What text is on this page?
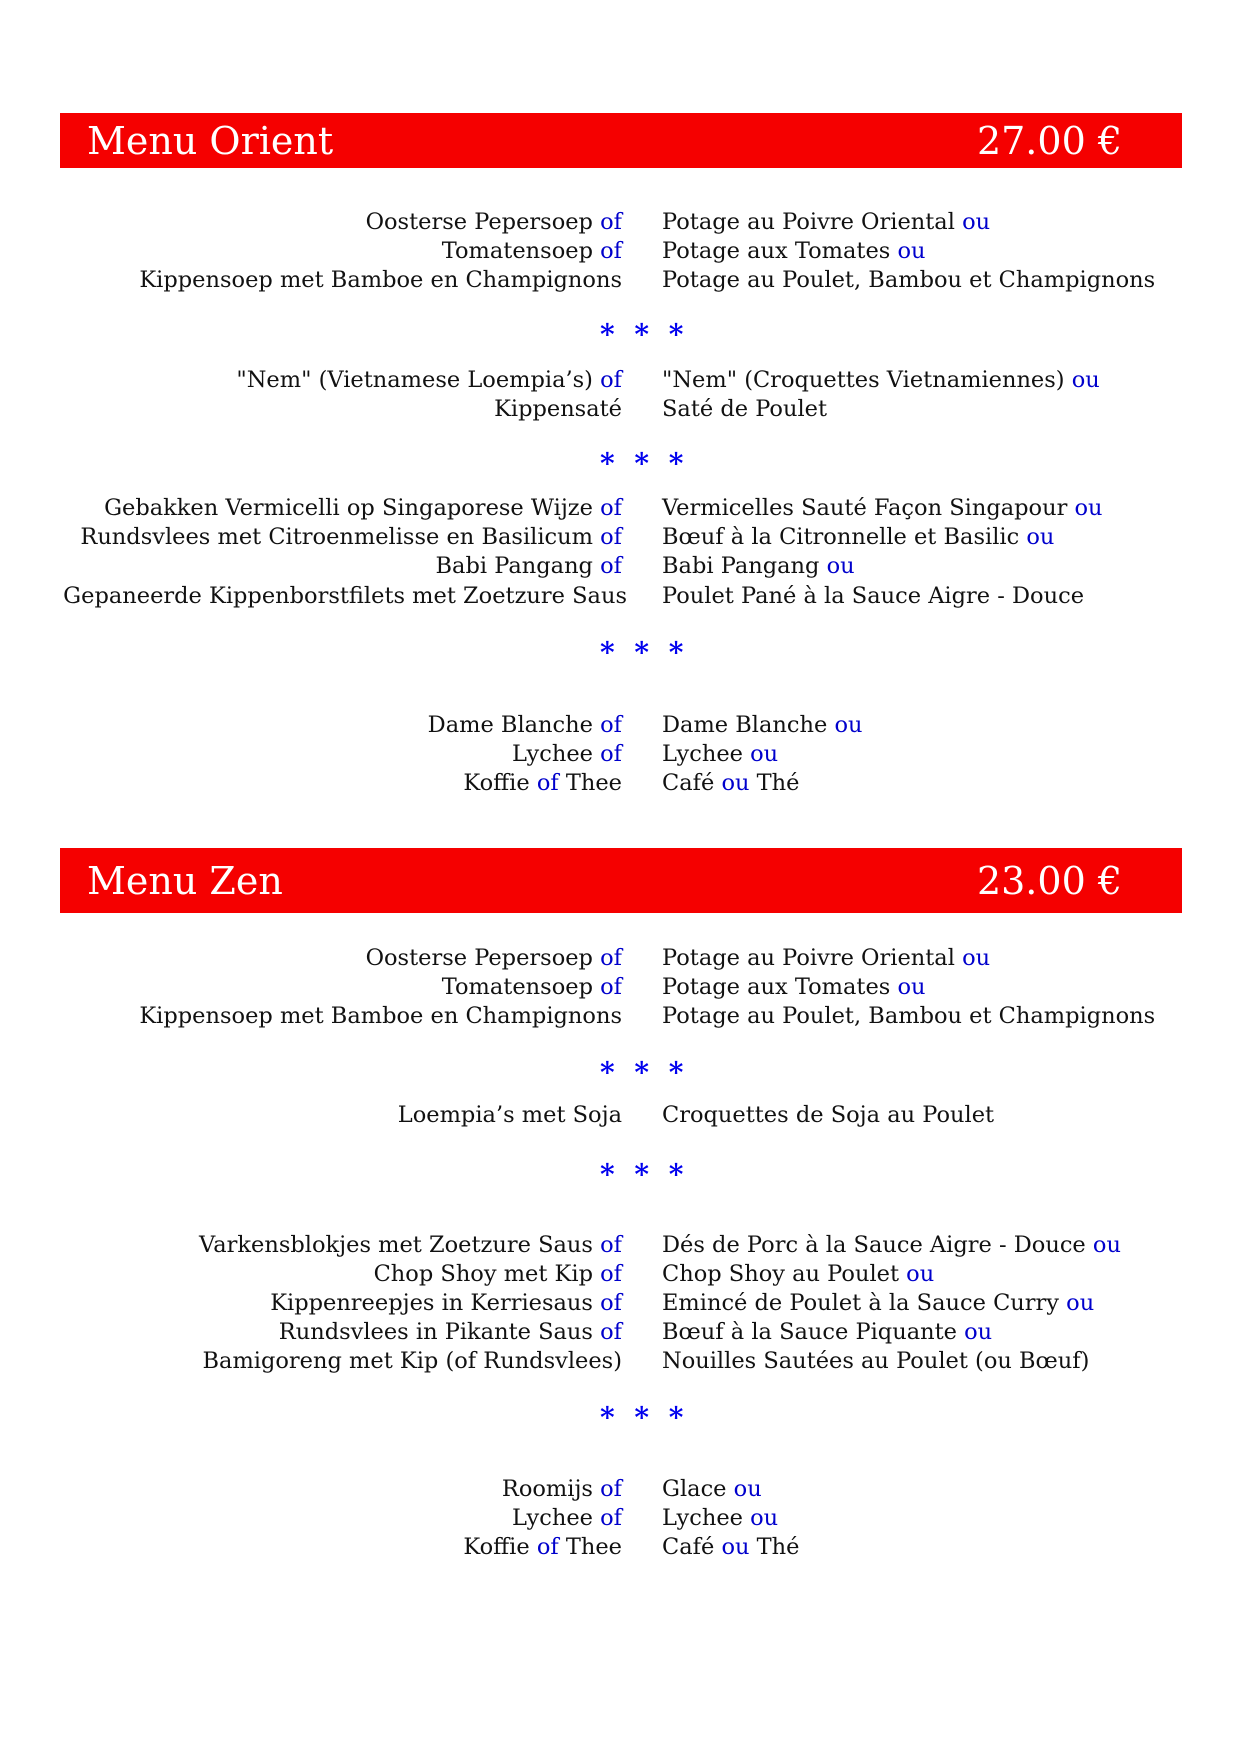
Menu Orient	27.00 €
Oosterse Pepersoep of Potage au Poivre Oriental ou
Tomatensoep of Potage aux Tomates ou
Kippensoep met Bamboe en Champignons Potage au Poulet, Bambou et Champignons
* * *
"Nem" (Vietnamese Loempia’s) of "Nem" (Croquettes Vietnamiennes) ou
Kippensaté Saté de Poulet
* * *
Gebakken Vermicelli op Singaporese Wijze of Vermicelles Sauté Façon Singapour ou
Rundsvlees met Citroenmelisse en Basilicum of Bœuf à la Citronnelle et Basilic ou
Babi Pangang of Babi Pangang ou
Gepaneerde Kippenborstfilets met Zoetzure Saus Poulet Pané à la Sauce Aigre - Douce
* * *
Dame Blanche of Dame Blanche ou
Lychee of Lychee ou
Koffie of Thee Café ou Thé
Menu Zen	23.00 €
Oosterse Pepersoep of Potage au Poivre Oriental ou
Tomatensoep of Potage aux Tomates ou
Kippensoep met Bamboe en Champignons Potage au Poulet, Bambou et Champignons
* * *
Loempia’s met Soja Croquettes de Soja au Poulet
* * *
Varkensblokjes met Zoetzure Saus of Dés de Porc à la Sauce Aigre - Douce ou
Chop Shoy met Kip of Chop Shoy au Poulet ou
Kippenreepjes in Kerriesaus of Emincé de Poulet à la Sauce Curry ou
Rundsvlees in Pikante Saus of Bœuf à la Sauce Piquante ou
Bamigoreng met Kip (of Rundsvlees) Nouilles Sautées au Poulet (ou Bœuf)
* * *
Roomijs of Glace ou
Lychee of Lychee ou
Koffie of Thee Café ou Thé
